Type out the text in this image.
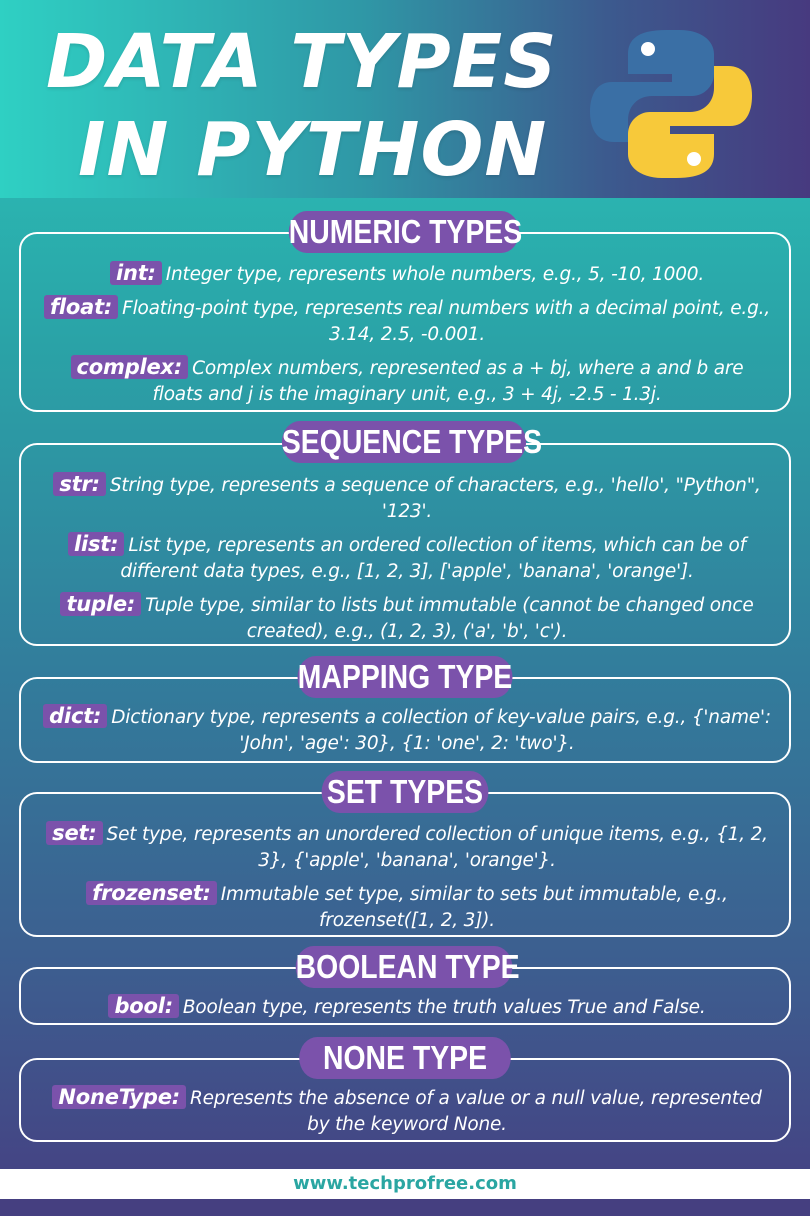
DATA TYPES
IN PYTHON
int: Integer type, represents whole numbers, e.g., 5, -10, 1000.
float: Floating-point type, represents real numbers with a decimal point, e.g., 3.14, 2.5, -0.001.
complex: Complex numbers, represented as a + bj, where a and b are floats and j is the imaginary unit, e.g., 3 + 4j, -2.5 - 1.3j.
NUMERIC TYPES
str: String type, represents a sequence of characters, e.g., 'hello', "Python", '123'.
list: List type, represents an ordered collection of items, which can be of different data types, e.g., [1, 2, 3], ['apple', 'banana', 'orange'].
tuple: Tuple type, similar to lists but immutable (cannot be changed once created), e.g., (1, 2, 3), ('a', 'b', 'c').
SEQUENCE TYPES
dict: Dictionary type, represents a collection of key-value pairs, e.g., {'name': 'John', 'age': 30}, {1: 'one', 2: 'two'}.
MAPPING TYPE
set: Set type, represents an unordered collection of unique items, e.g., {1, 2, 3}, {'apple', 'banana', 'orange'}.
frozenset: Immutable set type, similar to sets but immutable, e.g., frozenset([1, 2, 3]).
SET TYPES
bool: Boolean type, represents the truth values True and False.
BOOLEAN TYPE
NoneType: Represents the absence of a value or a null value, represented by the keyword None.
NONE TYPE
www.techprofree.com
